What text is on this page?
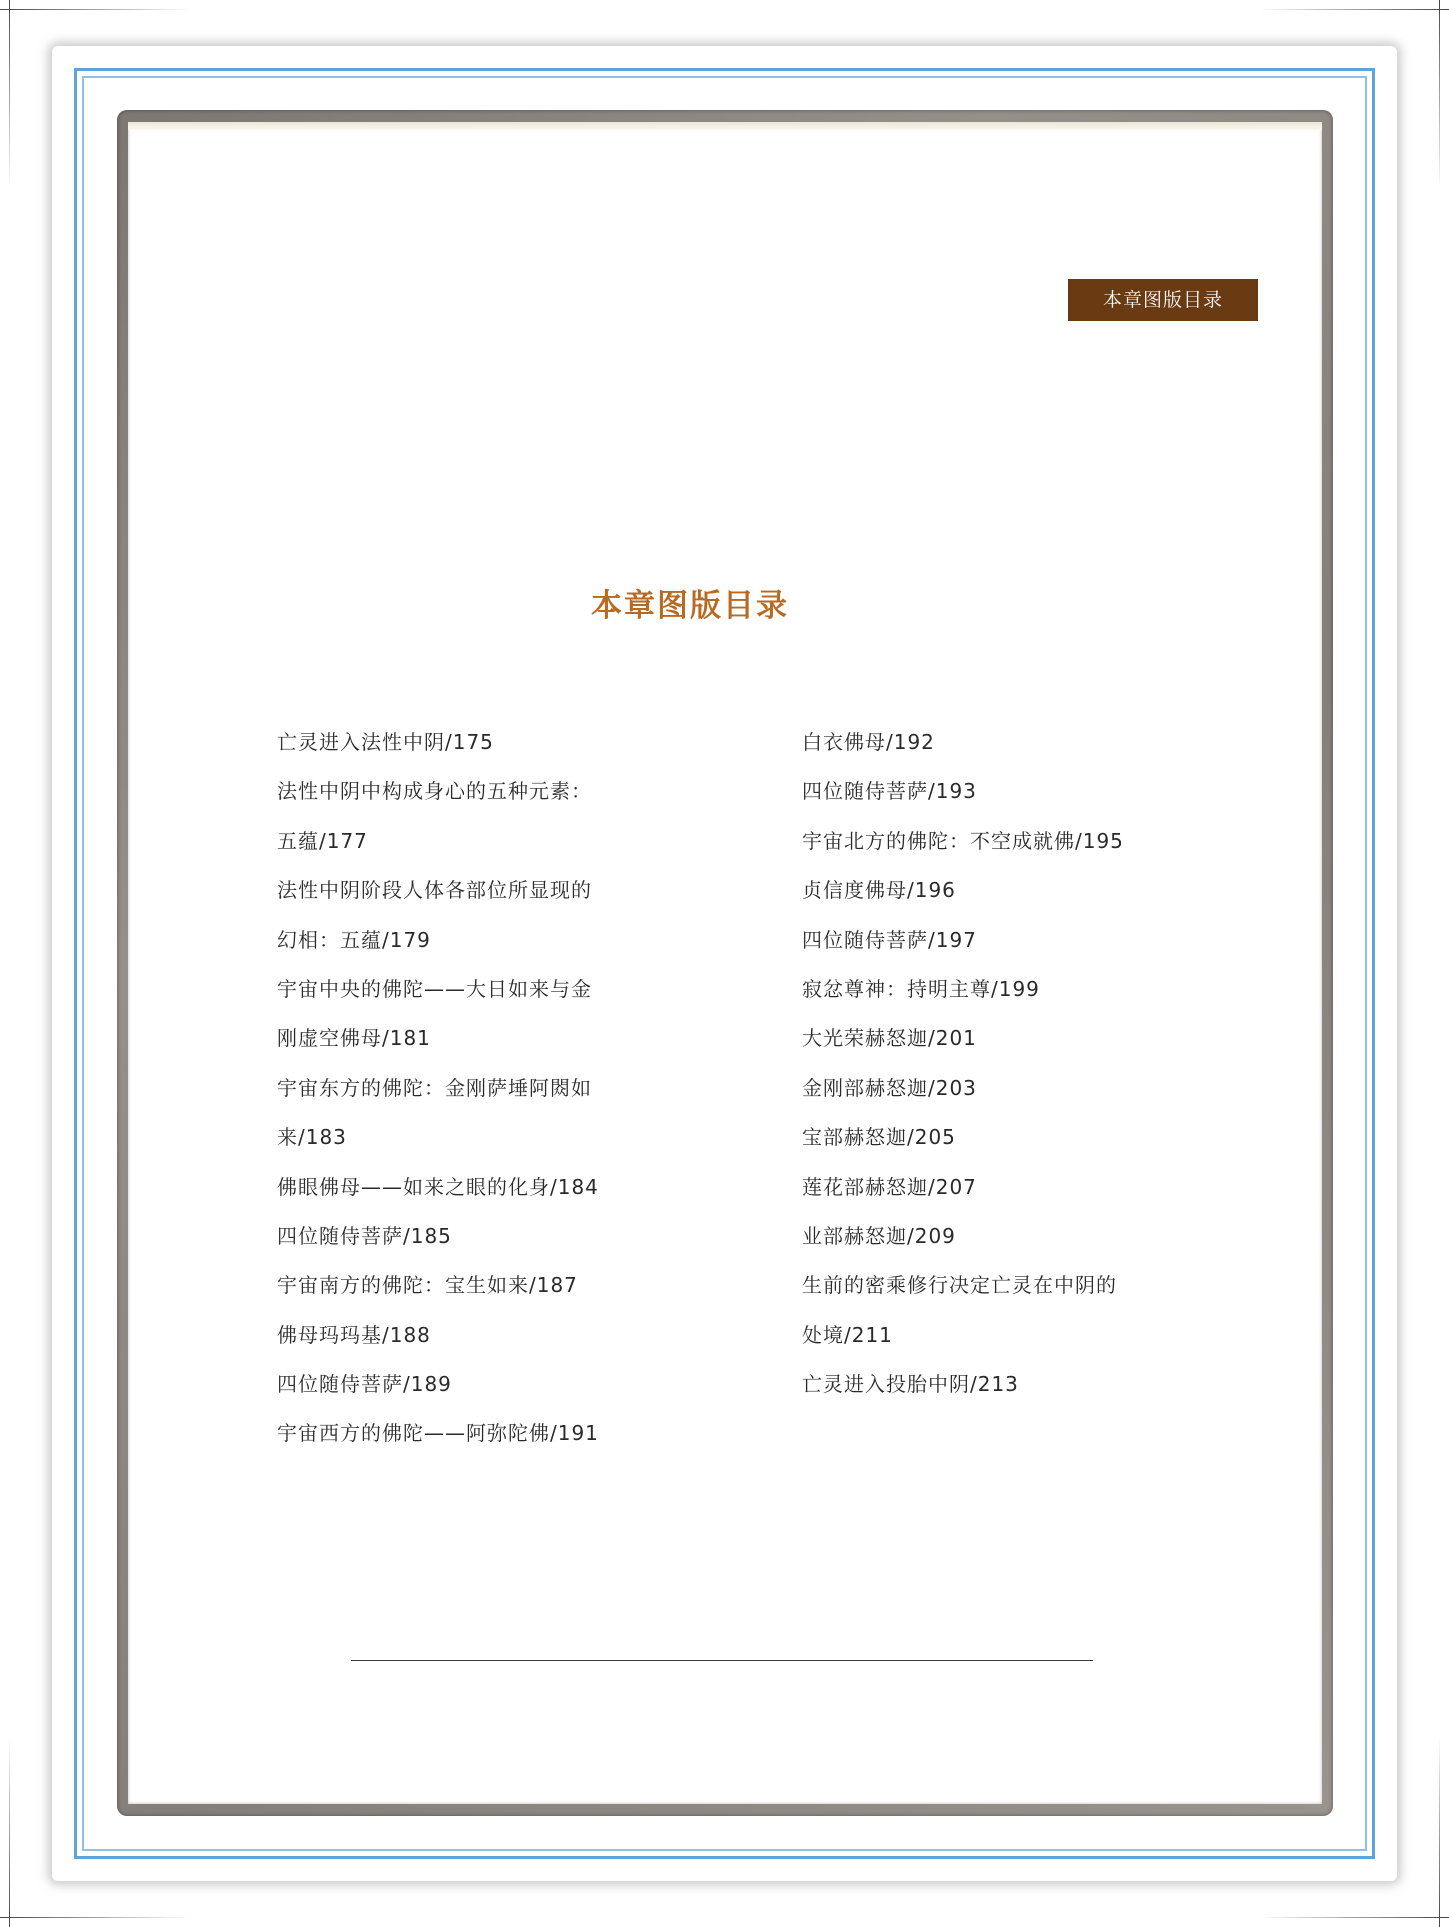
本章图版目录
本章图版目录
亡灵进入法性中阴/175
法性中阴中构成身心的五种元素：
五蕴/177
法性中阴阶段人体各部位所显现的
幻相：五蕴/179
宇宙中央的佛陀——大日如来与金
刚虚空佛母/181
宇宙东方的佛陀：金刚萨埵阿閦如
来/183
佛眼佛母——如来之眼的化身/184
四位随侍菩萨/185
宇宙南方的佛陀：宝生如来/187
佛母玛玛基/188
四位随侍菩萨/189
宇宙西方的佛陀——阿弥陀佛/191
白衣佛母/192
四位随侍菩萨/193
宇宙北方的佛陀：不空成就佛/195
贞信度佛母/196
四位随侍菩萨/197
寂忿尊神：持明主尊/199
大光荣赫怒迦/201
金刚部赫怒迦/203
宝部赫怒迦/205
莲花部赫怒迦/207
业部赫怒迦/209
生前的密乘修行决定亡灵在中阴的
处境/211
亡灵进入投胎中阴/213
